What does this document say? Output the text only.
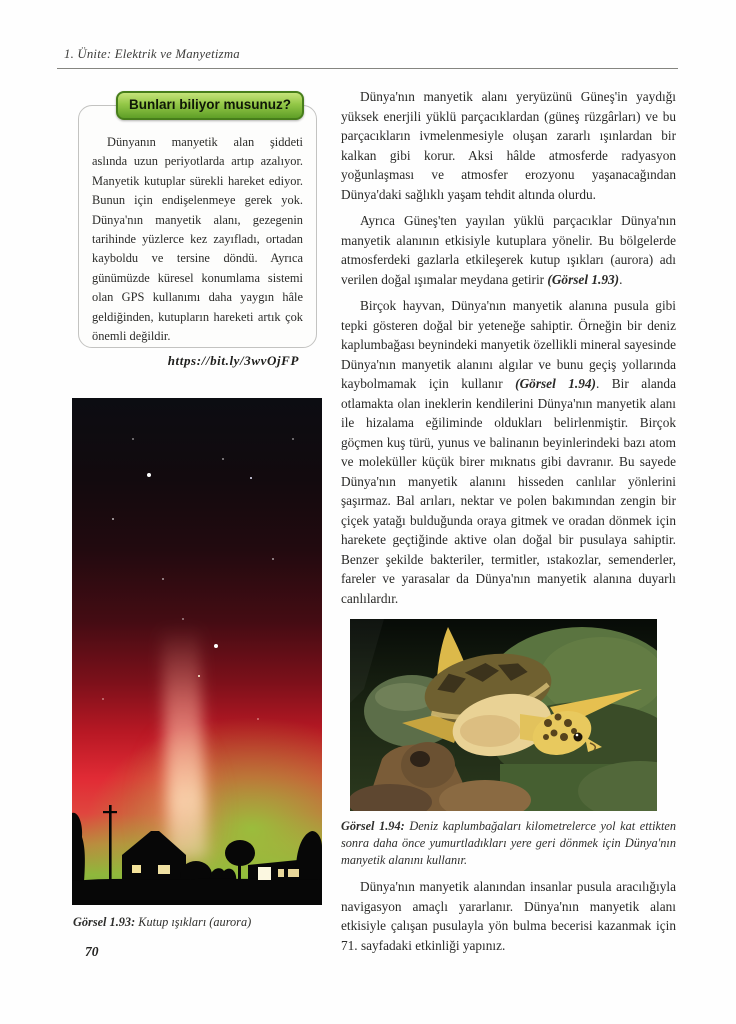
1. Ünite: Elektrik ve Manyetizma
Bunları biliyor musunuz?

Dünyanın manyetik alan şiddeti aslında uzun periyotlarda artıp azalıyor. Manyetik kutuplar sürekli hareket ediyor. Bunun için endişelenmeye gerek yok. Dünya'nın manyetik alanı, gezegenin tarihinde yüzlerce kez zayıfladı, ortadan kayboldu ve tersine döndü. Ayrıca günümüzde küresel konumlama sistemi olan GPS kullanımı daha yaygın hâle geldiğinden, kutupların hareketi artık çok önemli değildir.

https://bit.ly/3wvOjFP
Görsel 1.93: Kutup ışıkları (aurora)
70

Dünya'nın manyetik alanı yeryüzünü Güneş'in yaydığı yüksek enerjili yüklü parçacıklardan (güneş rüzgârları) ve bu parçacıkların ivmelenmesiyle oluşan zararlı ışınlardan bir kalkan gibi korur. Aksi hâlde atmosferde radyasyon yoğunlaşması ve atmosfer erozyonu yaşanacağından Dünya'daki sağlıklı yaşam tehdit altında olurdu.

Ayrıca Güneş'ten yayılan yüklü parçacıklar Dünya'nın manyetik alanının etkisiyle kutuplara yönelir. Bu bölgelerde atmosferdeki gazlarla etkileşerek kutup ışıkları (aurora) adı verilen doğal ışımalar meydana getirir (Görsel 1.93).

Birçok hayvan, Dünya'nın manyetik alanına pusula gibi tepki gösteren doğal bir yeteneğe sahiptir. Örneğin bir deniz kaplumbağası beynindeki manyetik özellikli mineral sayesinde Dünya'nın manyetik alanını algılar ve bunu geçiş yollarında kaybolmamak için kullanır (Görsel 1.94). Bir alanda otlamakta olan ineklerin kendilerini Dünya'nın manyetik alanı ile hizalama eğiliminde oldukları belirlenmiştir. Birçok göçmen kuş türü, yunus ve balinanın beyinlerindeki bazı atom ve moleküller küçük birer mıknatıs gibi davranır. Bu sayede Dünya'nın manyetik alanını hisseden canlılar yönlerini şaşırmaz. Bal arıları, nektar ve polen bakımından zengin bir çiçek yatağı bulduğunda oraya gitmek ve oradan dönmek için harekete geçtiğinde aktive olan doğal bir pusulaya sahiptir. Benzer şekilde bakteriler, termitler, ıstakozlar, semenderler, fareler ve yarasalar da Dünya'nın manyetik alanına duyarlı canlılardır.

Görsel 1.94: Deniz kaplumbağaları kilometrelerce yol kat ettikten sonra daha önce yumurtladıkları yere geri dönmek için Dünya'nın manyetik alanını kullanır.

Dünya'nın manyetik alanından insanlar pusula aracılığıyla navigasyon amaçlı yararlanır. Dünya'nın manyetik alanı etkisiyle çalışan pusulayla yön bulma becerisi kazanmak için 71. sayfadaki etkinliği yapınız.
